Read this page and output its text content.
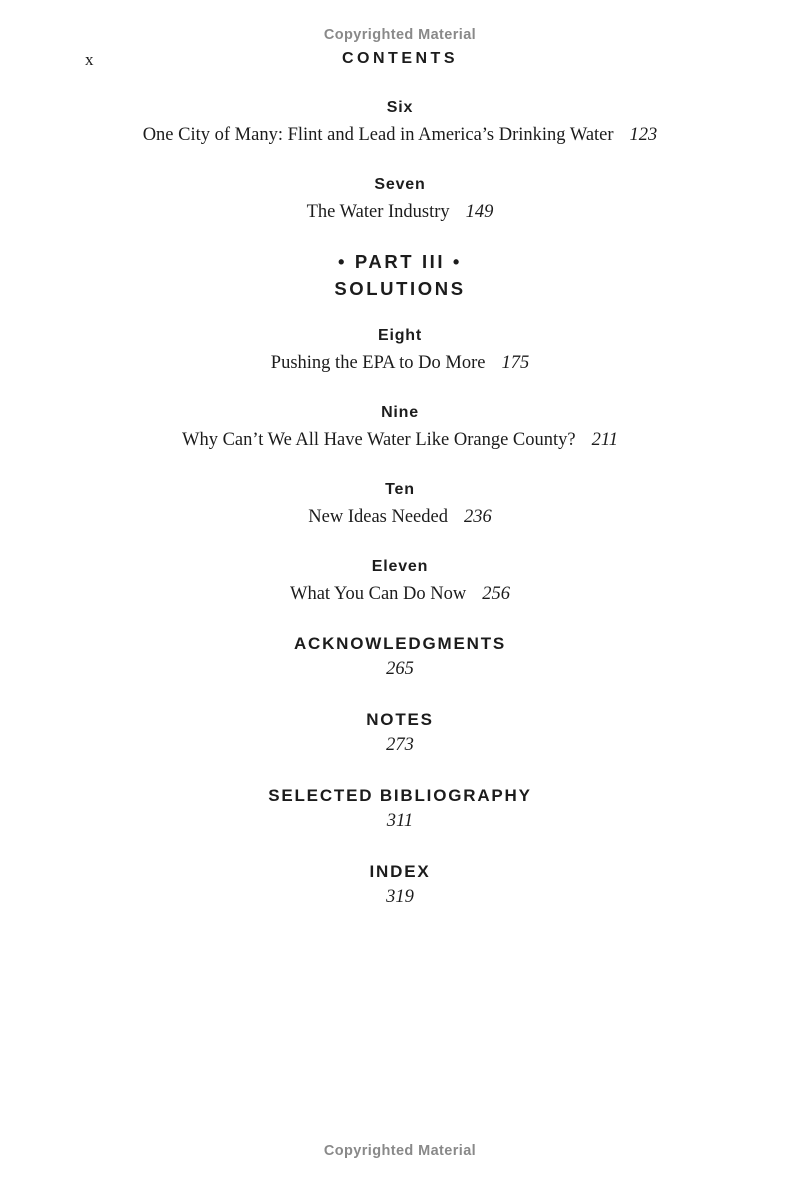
Copyrighted Material
x	CONTENTS
Six
One City of Many: Flint and Lead in America’s Drinking Water 123
Seven
The Water Industry 149
• PART III •
SOLUTIONS
Eight
Pushing the EPA to Do More 175
Nine
Why Can’t We All Have Water Like Orange County? 211
Ten
New Ideas Needed 236
Eleven
What You Can Do Now 256
ACKNOWLEDGMENTS
265
NOTES
273
SELECTED BIBLIOGRAPHY
311
INDEX
319
Copyrighted Material
